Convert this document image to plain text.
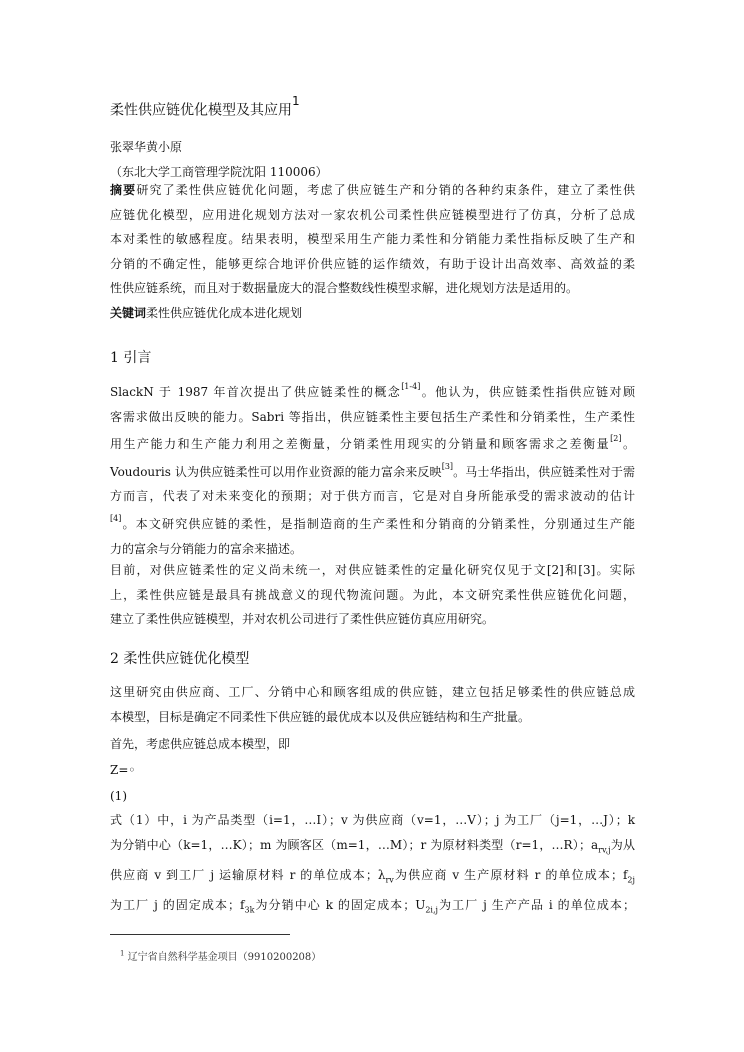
柔性供应链优化模型及其应用$^1$
张翠华黄小原
（东北大学工商管理学院沈阳 110006）
摘要研究了柔性供应链优化问题，考虑了供应链生产和分销的各种约束条件，建立了柔性供
应链优化模型，应用进化规划方法对一家农机公司柔性供应链模型进行了仿真，分析了总成
本对柔性的敏感程度。结果表明，模型采用生产能力柔性和分销能力柔性指标反映了生产和
分销的不确定性，能够更综合地评价供应链的运作绩效，有助于设计出高效率、高效益的柔
性供应链系统，而且对于数据量庞大的混合整数线性模型求解，进化规划方法是适用的。
关键词柔性供应链优化成本进化规划
1 引言
SlackN 于 1987 年首次提出了供应链柔性的概念[1-4]。他认为，供应链柔性指供应链对顾
客需求做出反映的能力。Sabri 等指出，供应链柔性主要包括生产柔性和分销柔性，生产柔性
用生产能力和生产能力利用之差衡量，分销柔性用现实的分销量和顾客需求之差衡量[2]。
Voudouris 认为供应链柔性可以用作业资源的能力富余来反映[3]。马士华指出，供应链柔性对于需
方而言，代表了对未来变化的预期；对于供方而言，它是对自身所能承受的需求波动的估计
[4]。本文研究供应链的柔性，是指制造商的生产柔性和分销商的分销柔性，分别通过生产能
力的富余与分销能力的富余来描述。
目前，对供应链柔性的定义尚未统一，对供应链柔性的定量化研究仅见于文[2]和[3]。实际
上，柔性供应链是最具有挑战意义的现代物流问题。为此，本文研究柔性供应链优化问题，
建立了柔性供应链模型，并对农机公司进行了柔性供应链仿真应用研究。
2 柔性供应链优化模型
这里研究由供应商、工厂、分销中心和顾客组成的供应链，建立包括足够柔性的供应链总成
本模型，目标是确定不同柔性下供应链的最优成本以及供应链结构和生产批量。
首先，考虑供应链总成本模型，即
Z=◦
(1)
式（1）中，i 为产品类型（i=1，…I）；v 为供应商（v=1，…V）；j 为工厂（j=1，…J）；k
为分销中心（k=1，…K）；m 为顾客区（m=1，…M）；r 为原材料类型（r=1，…R）；$a_{rv,j}$为从
供应商 v 到工厂 j 运输原材料 r 的单位成本；$\lambda_{rv}$为供应商 v 生产原材料 r 的单位成本；$f_{2j}$
为工厂 j 的固定成本；$f_{3k}$为分销中心 k 的固定成本；$U_{2i,j}$为工厂 j 生产产品 i 的单位成本；
$^1$ 辽宁省自然科学基金项目（9910200208）
